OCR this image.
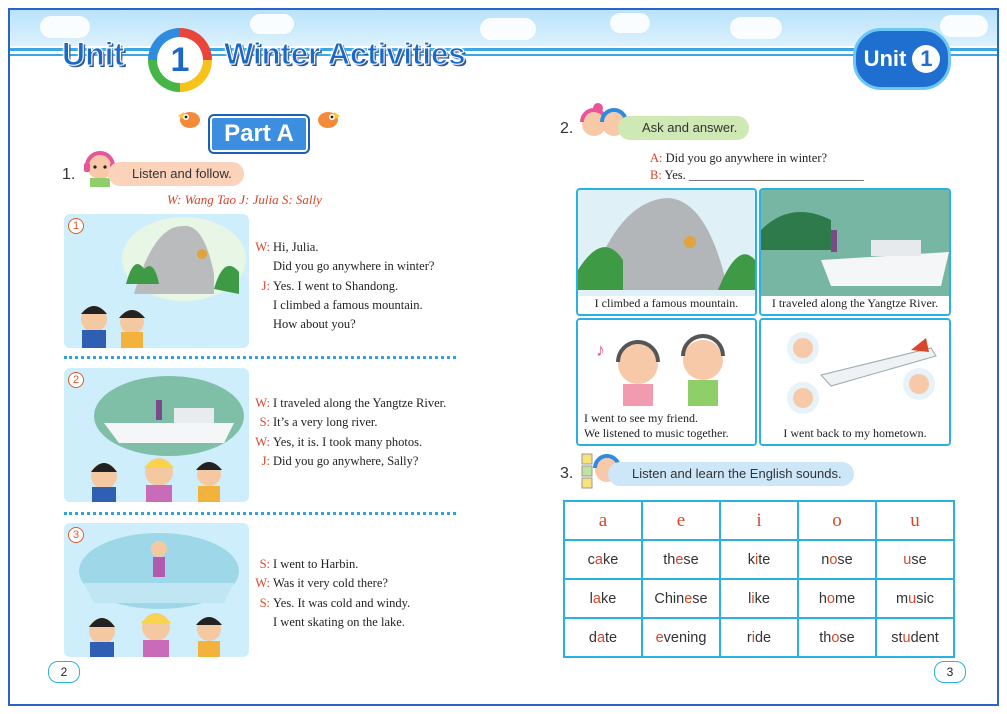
Unit	1	Winter Activities	Unit 1
Part A
1.	Listen and follow.
W: Wang Tao J: Julia S: Sally
1
W: Hi, Julia.
Did you go anywhere in winter?
J: Yes. I went to Shandong.
I climbed a famous mountain.
How about you?
2
W: I traveled along the Yangtze River.
S: It’s a very long river.
W: Yes, it is. I took many photos.
J: Did you go anywhere, Sally?
3
S: I went to Harbin.
W: Was it very cold there?
S: Yes. It was cold and windy.
I went skating on the lake.
2.	Ask and answer.
A: Did you go anywhere in winter?
B: Yes. ____________________________
I climbed a famous mountain.	I traveled along the Yangtze River.
♪
I went to see my friend.
We listened to music together.	I went back to my hometown.
3.	Listen and learn the English sounds.
a	e	i	o	u
cake	these	kite	nose	use
lake	Chinese	like	home	music
date	evening	ride	those	student
2	3
